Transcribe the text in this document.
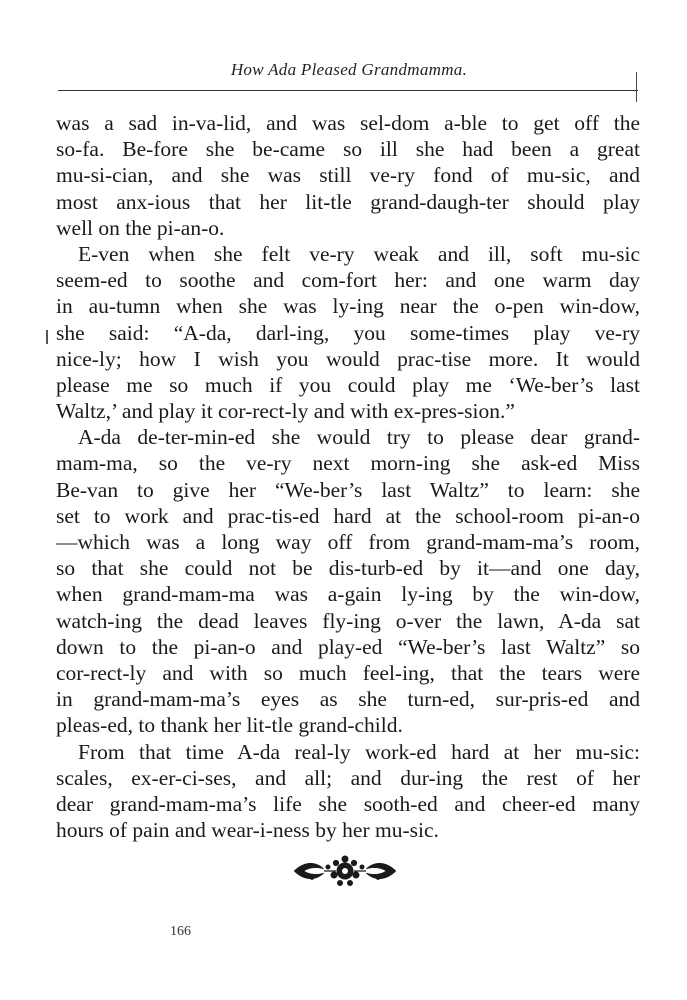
How Ada Pleased Grandmamma.
was a sad in-va-lid, and was sel-dom a-ble to get off the
so-fa. Be-fore she be-came so ill she had been a great
mu-si-cian, and she was still ve-ry fond of mu-sic, and
most anx-ious that her lit-tle grand-daugh-ter should play
well on the pi-an-o.
E-ven when she felt ve-ry weak and ill, soft mu-sic
seem-ed to soothe and com-fort her: and one warm day
in au-tumn when she was ly-ing near the o-pen win-dow,
she said: “A-da, darl-ing, you some-times play ve-ry
nice-ly; how I wish you would prac-tise more. It would
please me so much if you could play me ‘We-ber’s last
Waltz,’ and play it cor-rect-ly and with ex-pres-sion.”
A-da de-ter-min-ed she would try to please dear grand-
mam-ma, so the ve-ry next morn-ing she ask-ed Miss
Be-van to give her “We-ber’s last Waltz” to learn: she
set to work and prac-tis-ed hard at the school-room pi-an-o
—which was a long way off from grand-mam-ma’s room,
so that she could not be dis-turb-ed by it—and one day,
when grand-mam-ma was a-gain ly-ing by the win-dow,
watch-ing the dead leaves fly-ing o-ver the lawn, A-da sat
down to the pi-an-o and play-ed “We-ber’s last Waltz” so
cor-rect-ly and with so much feel-ing, that the tears were
in grand-mam-ma’s eyes as she turn-ed, sur-pris-ed and
pleas-ed, to thank her lit-tle grand-child.
From that time A-da real-ly work-ed hard at her mu-sic:
scales, ex-er-ci-ses, and all; and dur-ing the rest of her
dear grand-mam-ma’s life she sooth-ed and cheer-ed many
hours of pain and wear-i-ness by her mu-sic.
166
